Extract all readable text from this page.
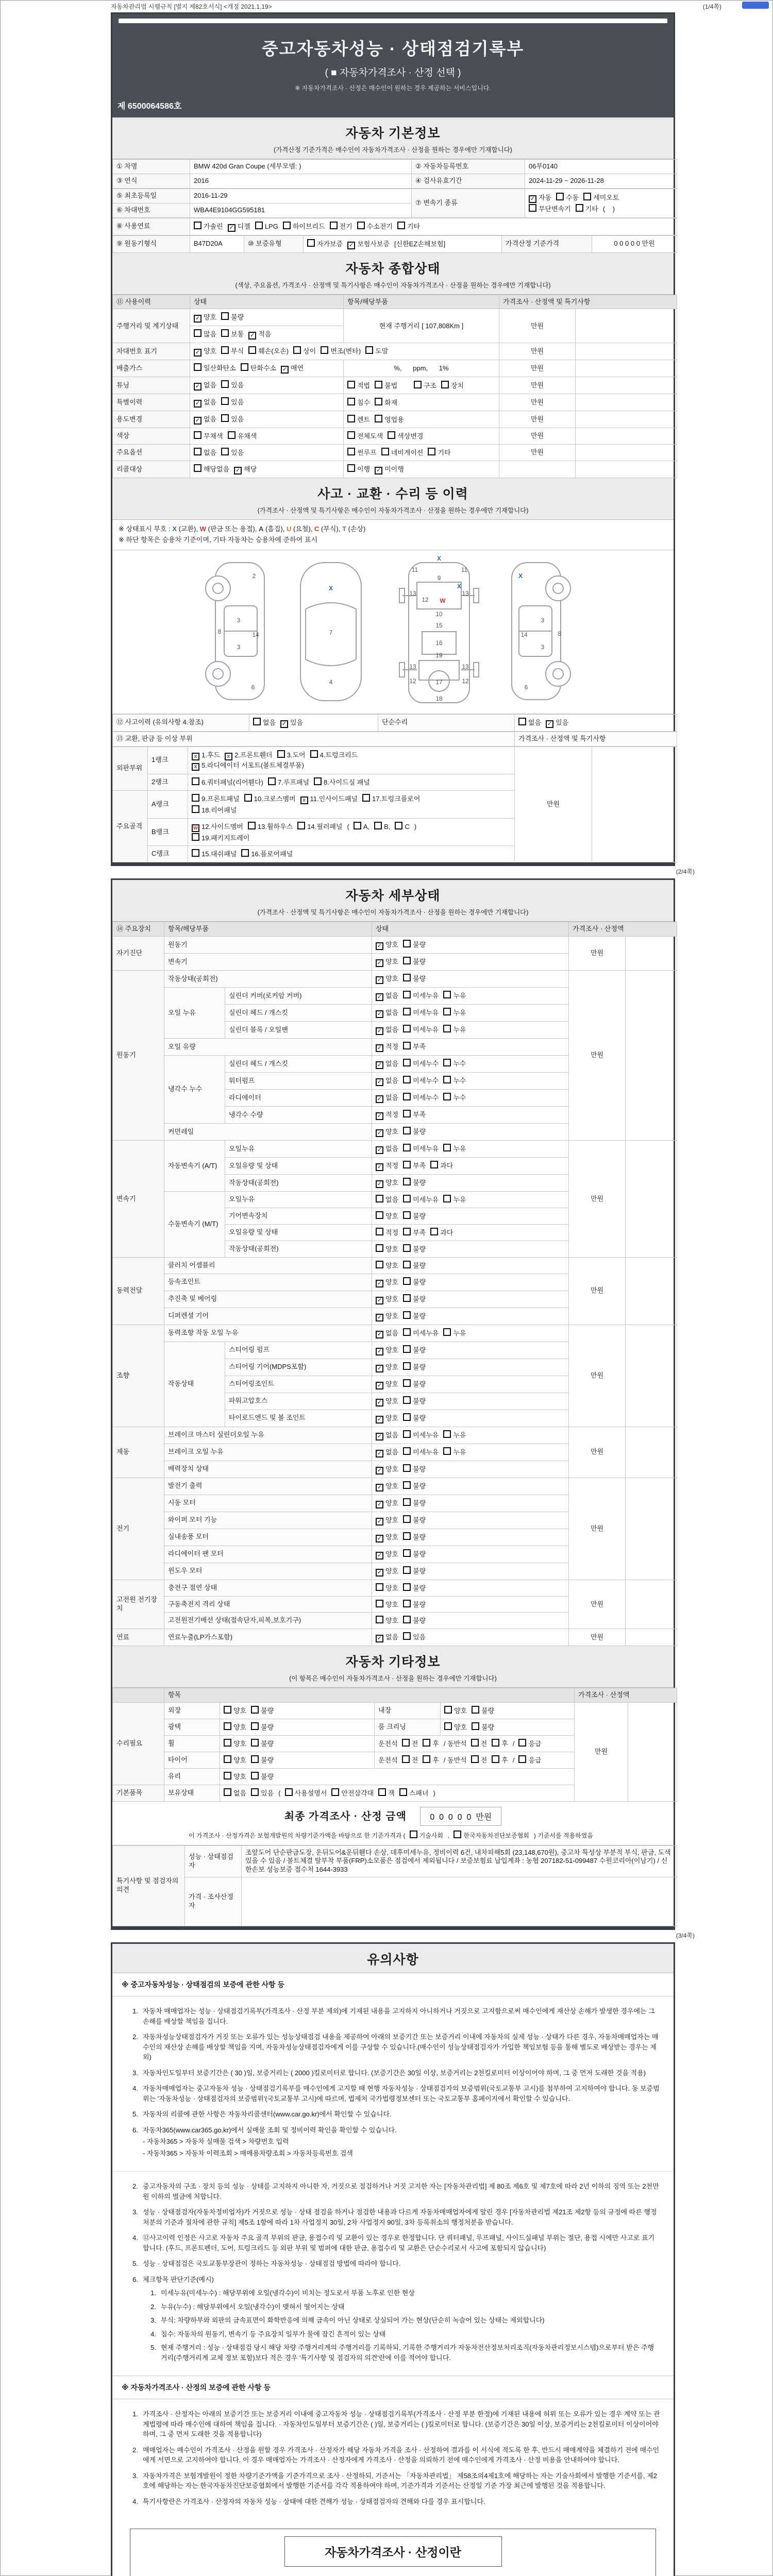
자동차관리법 시행규칙 [별지 제82호서식] <개정 2021.1.19>	(1/4쪽)
중고자동차성능 · 상태점검기록부
( ■ 자동차가격조사 · 산정 선택 )
※ 자동차가격조사 · 산정은 매수인이 원하는 경우 제공하는 서비스입니다.
제 6500064586호
자동차 기본정보
(가격산정 기준가격은 매수인이 자동차가격조사 · 산정을 원하는 경우에만 기재합니다)
① 차명	BMW 420d Gran Coupe (세부모델: )	② 자동차등록번호	06부0140
③ 연식	2016	④ 검사유효기간	2024-11-29 ~ 2026-11-28
⑤ 최초등록일	2016-11-29	⑦ 변속기 종류	✓ 자동 수동 세미오토
무단변속기 기타 (    )
⑥ 차대번호	WBA4E9104GG595181		
⑧ 사용연료	가솔린 ✓ 디젤 LPG 하이브리드 전기 수소전기 기타
⑨ 원동기형식	B47D20A	⑩ 보증유형	자가보증 ✓ 보험사보증 [신한EZ손해보험]	가격산정 기준가격	0 0 0 0 0 만원
자동차 종합상태
(색상, 주요옵션, 가격조사 · 산정액 및 특기사항은 매수인이 자동차가격조사 · 산정을 원하는 경우에만 기재합니다)
⑪ 사용이력	상태	항목/해당부품	가격조사 · 산정액 및 특기사항	
주행거리 및 계기상태	✓ 양호 불량	현재 주행거리 [ 107,808Km ]	만원	
	많음 보통 ✓ 적음			
차대번호 표기	✓ 양호 부식 훼손(오손) 상이 변조(변타) 도말		만원	
배출가스	일산화탄소 탄화수소 ✓ 매연	%,      ppm,      1%	만원	
튜닝	✓ 없음 있음	적법 불법 구조 장치	만원	
특별이력	✓ 없음 있음	침수 화재	만원	
용도변경	✓ 없음 있음	렌트 영업용	만원	
색상	무채색 유채색	전체도색 색상변경	만원	
주요옵션	없음 있음	썬루프 네비게이션 기타	만원	
리콜대상	해당없음 ✓ 해당	이행 ✓ 미이행		
사고 · 교환 · 수리 등 이력
(가격조사 · 산정액 및 특기사항은 매수인이 자동차가격조사 · 산정을 원하는 경우에만 기재합니다)
※ 상태표시 부호 : X (교환), W (판금 또는 용접), A (흠집), U (요철), C (부식), T (손상)
※ 하단 항목은 승용차 기준이며, 기타 자동차는 승용차에 준하여 표시
2
8
3
14
3
6
X
7
4
X
11	11
9
13	13
12 W
X
10
15
16
19
13	13
12	12
17
18
X
3
8
14
3
6
⑫ 사고이력 (유의사항 4.참조)	없음 ✓ 있음	단순수리	없음 ✓ 있음
⑬ 교환, 판금 등 이상 부위	가격조사 · 산정액 및 특기사항
외판부위	1랭크	x 1.후드 x 2.프론트휀더 3.도어 4.트렁크리드
x 5.라디에이터 서포트(볼트체결부품)	만원	
	2랭크	6.쿼터패널(리어휀다) 7.루프패널 8.사이드실 패널		
주요골격	A랭크	9.프론트패널 10.크로스멤버 x 11.인사이드패널 17.트렁크플로어
18.리어패널		
	B랭크	w 12.사이드멤버 13.휠하우스 14.필러패널 ( A, B, C )
19.패키지트레이		
	C랭크	15.대쉬패널 16.플로어패널		
(2/4쪽)
자동차 세부상태
(가격조사 · 산정액 및 특기사항은 매수인이 자동차가격조사 · 산정을 원하는 경우에만 기재합니다)
⑭ 주요장치	항목/해당부품		상태	가격조사 · 산정액	
자기진단	원동기		✓ 양호 불량	만원	
	변속기		✓ 양호 불량		
원동기	작동상태(공회전)		✓ 양호 불량	만원	
	오일 누유	실린더 커버(로커암 커버)	✓ 없음 미세누유 누유		
		실린더 헤드 / 개스킷	✓ 없음 미세누유 누유		
		실린더 블록 / 오일팬	✓ 없음 미세누유 누유		
	오일 유량		✓ 적정 부족		
	냉각수 누수	실린더 헤드 / 개스킷	✓ 없음 미세누수 누수		
		워터펌프	✓ 없음 미세누수 누수		
		라디에이터	✓ 없음 미세누수 누수		
		냉각수 수량	✓ 적정 부족		
	커먼레일		✓ 양호 불량		
변속기	자동변속기 (A/T)	오일누유	✓ 없음 미세누유 누유	만원	
		오일유량 및 상태	✓ 적정 부족 과다		
		작동상태(공회전)	✓ 양호 불량		
	수동변속기 (M/T)	오일누유	없음 미세누유 누유		
		기어변속장치	양호 불량		
		오일유량 및 상태	적정 부족 과다		
		작동상태(공회전)	양호 불량		
동력전달	클러치 어셈블리		양호 불량	만원	
	등속조인트		✓ 양호 불량		
	추진축 및 베어링		✓ 양호 불량		
	디퍼렌셜 기어		✓ 양호 불량		
조향	동력조향 작동 오일 누유		✓ 없음 미세누유 누유	만원	
	작동상태	스티어링 펌프	✓ 양호 불량		
		스티어링 기어(MDPS포함)	✓ 양호 불량		
		스티어링조인트	✓ 양호 불량		
		파워고압호스	✓ 양호 불량		
		타이로드엔드 및 볼 조인트	✓ 양호 불량		
제동	브레이크 마스터 실린더오일 누유		✓ 없음 미세누유 누유	만원	
	브레이크 오일 누유		✓ 없음 미세누유 누유		
	배력장치 상태		✓ 양호 불량		
전기	발전기 출력		✓ 양호 불량	만원	
	시동 모터		✓ 양호 불량		
	와이퍼 모터 기능		✓ 양호 불량		
	실내송풍 모터		✓ 양호 불량		
	라디에이터 팬 모터		✓ 양호 불량		
	윈도우 모터		✓ 양호 불량		
고전원 전기장치	충전구 절연 상태		양호 불량	만원	
	구동축전지 격리 상태		양호 불량		
	고전원전기배선 상태(접속단자,피복,보호기구)		양호 불량		
연료	연료누출(LP가스포함)		✓ 없음 있음	만원	
자동차 기타정보
(이 항목은 매수인이 자동차가격조사 · 산정을 원하는 경우에만 기재합니다)
	항목				가격조사 · 산정액	
수리필요	외장	양호 불량	내장	양호 불량	만원	
	광택	양호 불량	룸 크리닝	양호 불량		
	휠	양호 불량	운전석 전 후 / 동반석 전 후 / 응급			
	타이어	양호 불량	운전석 전 후 / 동반석 전 후 / 응급			
	유리	양호 불량				
기본품목	보유상태	없음 있음 ( 사용설명서 안전삼각대 잭 스패너 )				
최종 가격조사 · 산정 금액	0  0  0  0  0  만원
이 가격조사 · 산정가격은 보험개발원의 차량기준가액을 바탕으로 한 기준가격과 ( 기술사회 , 한국자동차진단보증협회 ) 기준서를 적용하였음
특기사항 및 점검자의 의견	성능 · 상태점검자	조앞도어 단순판금도장, 운뒤도어&운뒤휀다 손상, 데후미세누유, 정비이력 6건, 내차피해5회 (23,148,670원), 중고차 특성상 부분적 부식, 판금, 도색 있을 수 있음 / 볼트체결 탈부착 부품(FRP)소모품은 점검에서 제외됩니다 / 보증보험료 납입계좌 : 농협 207182-51-099487 수원코리아(이남기) / 신한손보 성능보증 접수처 1644-3933
	가격 · 조사산정자	
(3/4쪽)
유의사항
※ 중고자동차성능 · 상태점검의 보증에 관한 사항 등
1. 자동차 매매업자는 성능 · 상태점검기록부(가격조사 · 산정 부분 제외)에 기재된 내용을 고지하지 아니하거나 거짓으로 고지함으로써 매수인에게 재산상 손해가 발생한 경우에는 그 손해를 배상할 책임을 집니다.
2. 자동차성능상태점검자가 거짓 또는 오류가 있는 성능상태점검 내용을 제공하여 아래의 보증기간 또는 보증거리 이내에 자동차의 실제 성능 · 상태가 다른 경우, 자동차매매업자는 매수인의 재산상 손해를 배상할 책임을 지며, 자동차성능상태점검자에게 이를 구상할 수 있습니다.(매수인이 성능상태점검자가 가입한 책임보험 등을 통해 별도로 배상받는 경우는 제외)
3. 자동차인도일부터 보증기간은 ( 30 )일, 보증거리는 ( 2000 )킬로미터로 합니다. (보증기간은 30일 이상, 보증거리는 2천킬로미터 이상이어야 하며, 그 중 먼저 도래한 것을 적용)
4. 자동차매매업자는 중고자동차 성능 · 상태점검기록부를 매수인에게 고지할 때 현행 자동차성능 · 상태점검자의 보증범위(국토교통부 고시)를 첨부하여 고지하여야 합니다. 동 보증범위는 '자동차성능 · 상태점검자의 보증범위'(국토교통부 고시)에 따르며, 법제처 국가법령정보센터 또는 국토교통부 홈페이지에서 확인할 수 있습니다.
5. 자동차의 리콜에 관한 사항은 자동차리콜센터(www.car.go.kr)에서 확인할 수 있습니다.
6. 자동차365(www.car365.go.kr)에서 실매물 조회 및 정비이력 확인을 확인할 수 있습니다.
- 자동차365 > 자동차 실매물 검색 > 차량번호 입력
- 자동차365 > 자동차 이력조회 > 매매용차량조회 > 자동차등록번호 검색
2. 중고자동차의 구조 · 장치 등의 성능 · 상태를 고지하지 아니한 자, 거짓으로 점검하거나 거짓 고지한 자는 [자동차관리법] 제 80조 제6호 및 제7호에 따라 2년 이하의 징역 또는 2천만원 이하의 벌금에 처합니다.
3. 성능 · 상태점검자(자동차정비업자)가 거짓으로 성능 · 상태 점검을 하거나 점검한 내용과 다르게 자동차매매업자에게 알린 경우 [자동차관리법 제21조 제2항 등의 규정에 따른 행정처분의 기준과 절차에 관한 규칙] 제5조 1항에 따라 1차 사업정지 30일, 2차 사업정지 90일, 3차 등록취소의 행정처분을 받습니다.
4. ⑫사고이력 인정은 사고로 자동차 주요 골격 부위의 판금, 용접수리 및 교환이 있는 경우로 한정합니다. 단 쿼터패널, 루프패널, 사이드실패널 부위는 절단, 용접 시에만 사고로 표기합니다. (후드, 프론트펜더, 도어, 트렁크리드 등 외판 부위 및 범퍼에 대한 판금, 용접수리 및 교환은 단순수리로서 사고에 포함되지 않습니다)
5. 성능 · 상태점검은 국토교통부장관이 정하는 자동차성능 · 상태점검 방법에 따라야 합니다.
6. 체크항목 판단기준(예시)
1. 미세누유(미세누수) : 해당부위에 오일(냉각수)이 비치는 정도로서 부품 노후로 인한 현상
2. 누유(누수) : 해당부위에서 오일(냉각수)이 맺혀서 떨어지는 상태
3. 부식: 차량하부와 외판의 금속표면이 화학반응에 의해 금속이 아닌 상태로 상실되어 가는 현상(단순히 녹슬어 있는 상태는 제외합니다)
4. 침수: 자동차의 원동기, 변속기 등 주요장치 일부가 물에 잠긴 흔적이 있는 상태
5. 현재 주행거리 : 성능 · 상태점검 당시 해당 차량 주행거리계의 주행거리를 기록하되, 기록한 주행거리가 자동차전산정보처리조직(자동차관리정보시스템)으로부터 받은 주행거리(주행거리계 교체 정보 포함)보다 적은 경우 '특기사항 및 점검자의 의견'란에 이를 적어야 합니다.
※ 자동차가격조사 · 산정의 보증에 관한 사항 등
1. 가격조사 · 산정자는 아래의 보증기간 또는 보증거리 이내에 중고자동차 성능 · 상태점검기록부(가격조사 · 산정 부분 한정)에 기재된 내용에 허위 또는 오류가 있는 경우 계약 또는 관계법령에 따라 매수인에 대하여 책임을 집니다. · 자동차인도일부터 보증기간은 ( )일, 보증거리는 ( )킬로미터로 합니다. (보증기간은 30일 이상, 보증거리는 2천킬로미터 이상이어야 하며, 그 중 먼저 도래한 것을 적용합니다)
2. 매매업자는 매수인이 가격조사 · 산정을 원할 경우 가격조사 · 산정자가 해당 자동차 가격을 조사 · 산정하여 결과를 이 서식에 적도록 한 후, 반드시 매매계약을 체결하기 전에 매수인에게 서면으로 고지하여야 합니다. 이 경우 매매업자는 가격조사 · 산정자에게 가격조사 · 산정을 의뢰하기 전에 매수인에게 가격조사 · 산정 비용을 안내하여야 합니다.
3. 자동차가격은 보험개발원이 정한 차량기준가액을 기준가격으로 조사 · 산정하되, 기준서는 「자동차관리법」 제58조의4제1호에 해당하는 자는 기술사회에서 발행한 기준서를, 제2호에 해당하는 자는 한국자동차진단보증협회에서 발행한 기준서를 각각 적용하여야 하며, 기준가격과 기준서는 산정일 기준 가장 최근에 발행된 것을 적용합니다.
4. 특기사항란은 가격조사 · 산정자의 자동차 성능 · 상태에 대한 견해가 성능 · 상태점검자의 견해와 다를 경우 표시합니다.
자동차가격조사 · 산정이란
